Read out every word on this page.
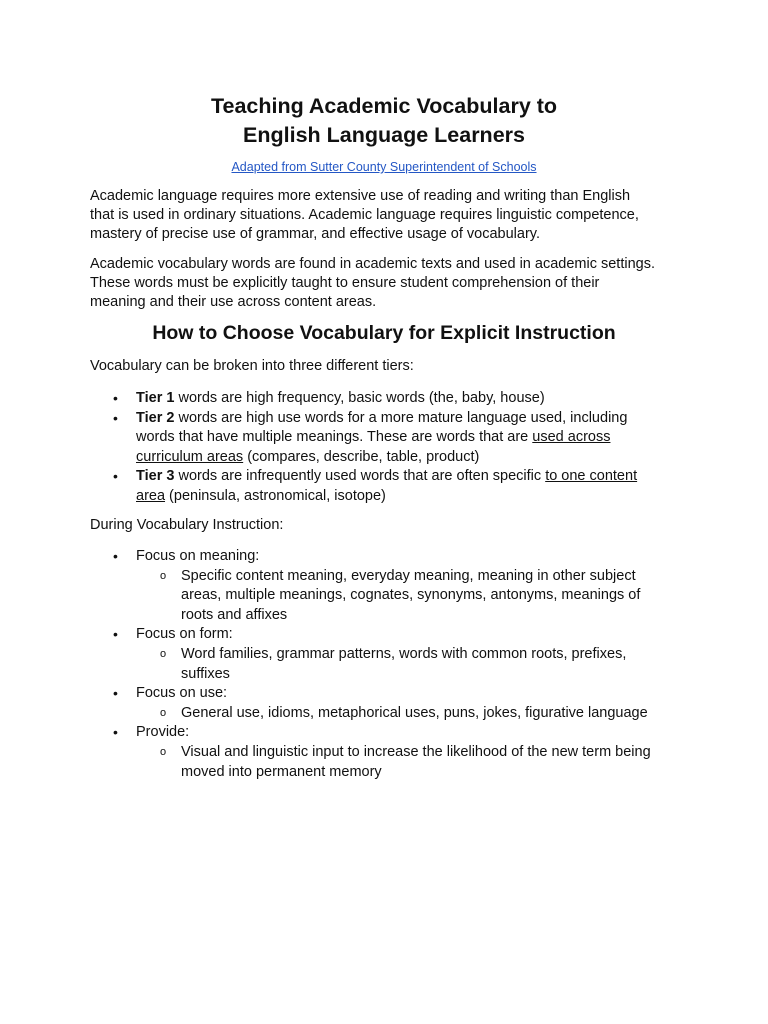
Teaching Academic Vocabulary to
English Language Learners
Adapted from Sutter County Superintendent of Schools

Academic language requires more extensive use of reading and writing than English
that is used in ordinary situations. Academic language requires linguistic competence,
mastery of precise use of grammar, and effective usage of vocabulary.

Academic vocabulary words are found in academic texts and used in academic settings.
These words must be explicitly taught to ensure student comprehension of their
meaning and their use across content areas.

How to Choose Vocabulary for Explicit Instruction
Vocabulary can be broken into three different tiers:
• Tier 1 words are high frequency, basic words (the, baby, house)
• Tier 2 words are high use words for a more mature language used, including
words that have multiple meanings. These are words that are used across
curriculum areas (compares, describe, table, product)
• Tier 3 words are infrequently used words that are often specific to one content
area (peninsula, astronomical, isotope)
During Vocabulary Instruction:
• Focus on meaning:
o Specific content meaning, everyday meaning, meaning in other subject
areas, multiple meanings, cognates, synonyms, antonyms, meanings of
roots and affixes
• Focus on form:
o Word families, grammar patterns, words with common roots, prefixes,
suffixes
• Focus on use:
o General use, idioms, metaphorical uses, puns, jokes, figurative language
• Provide:
o Visual and linguistic input to increase the likelihood of the new term being
moved into permanent memory
